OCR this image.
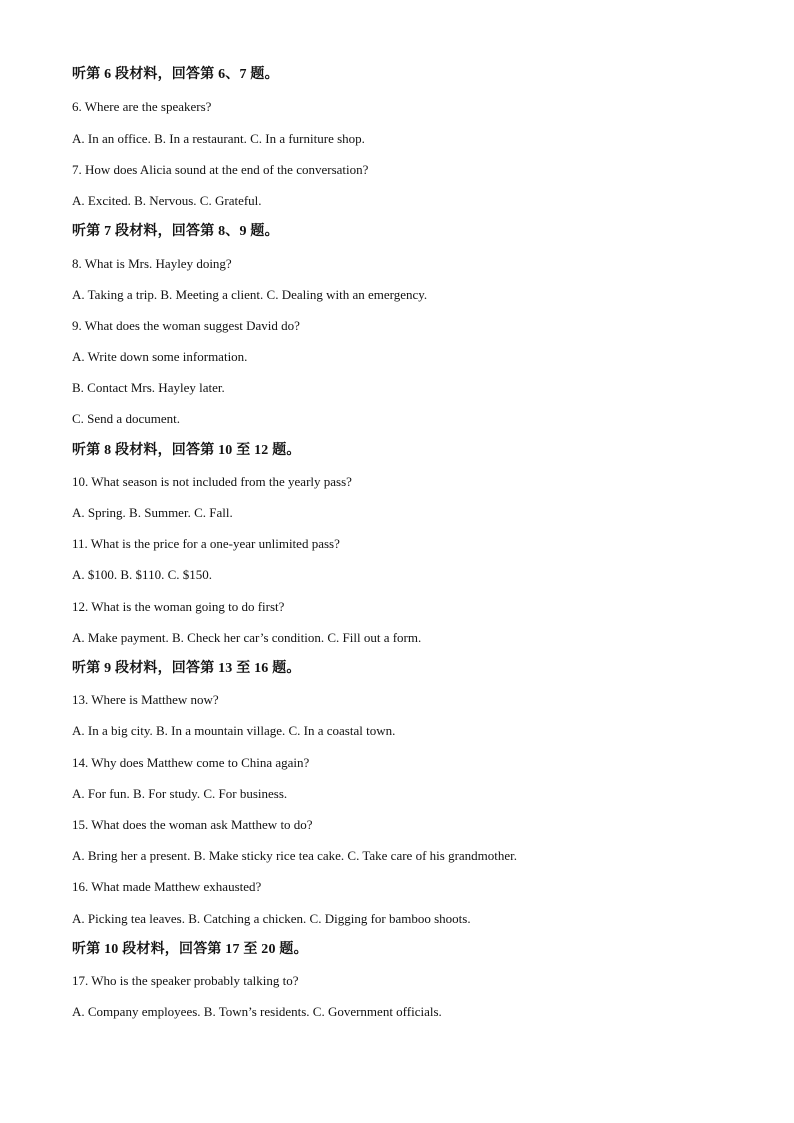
听第 6 段材料，回答第 6、7 题。
6. Where are the speakers?
A. In an office. B. In a restaurant. C. In a furniture shop.
7. How does Alicia sound at the end of the conversation?
A. Excited. B. Nervous. C. Grateful.
听第 7 段材料，回答第 8、9 题。
8. What is Mrs. Hayley doing?
A. Taking a trip. B. Meeting a client. C. Dealing with an emergency.
9. What does the woman suggest David do?
A. Write down some information.
B. Contact Mrs. Hayley later.
C. Send a document.
听第 8 段材料，回答第 10 至 12 题。
10. What season is not included from the yearly pass?
A. Spring. B. Summer. C. Fall.
11. What is the price for a one-year unlimited pass?
A. $100. B. $110. C. $150.
12. What is the woman going to do first?
A. Make payment. B. Check her car’s condition. C. Fill out a form.
听第 9 段材料，回答第 13 至 16 题。
13. Where is Matthew now?
A. In a big city. B. In a mountain village. C. In a coastal town.
14. Why does Matthew come to China again?
A. For fun. B. For study. C. For business.
15. What does the woman ask Matthew to do?
A. Bring her a present. B. Make sticky rice tea cake. C. Take care of his grandmother.
16. What made Matthew exhausted?
A. Picking tea leaves. B. Catching a chicken. C. Digging for bamboo shoots.
听第 10 段材料，回答第 17 至 20 题。
17. Who is the speaker probably talking to?
A. Company employees. B. Town’s residents. C. Government officials.
